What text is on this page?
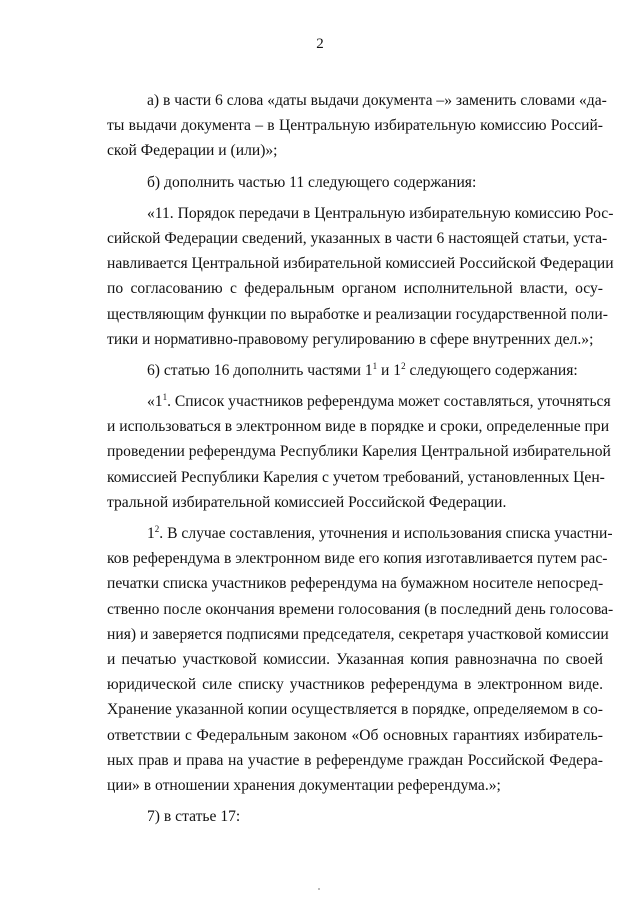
2
а) в части 6 слова «даты выдачи документа –» заменить словами «да-
ты выдачи документа – в Центральную избирательную комиссию Россий-
ской Федерации и (или)»;
б) дополнить частью 11 следующего содержания:
«11. Порядок передачи в Центральную избирательную комиссию Рос-
сийской Федерации сведений, указанных в части 6 настоящей статьи, уста-
навливается Центральной избирательной комиссией Российской Федерации
по согласованию с федеральным органом исполнительной власти, осу-
ществляющим функции по выработке и реализации государственной поли-
тики и нормативно-правовому регулированию в сфере внутренних дел.»;
6) статью 16 дополнить частями $1^1$ и $1^2$ следующего содержания:
«$1^1$. Список участников референдума может составляться, уточняться
и использоваться в электронном виде в порядке и сроки, определенные при
проведении референдума Республики Карелия Центральной избирательной
комиссией Республики Карелия с учетом требований, установленных Цен-
тральной избирательной комиссией Российской Федерации.
$1^2$. В случае составления, уточнения и использования списка участни-
ков референдума в электронном виде его копия изготавливается путем рас-
печатки списка участников референдума на бумажном носителе непосред-
ственно после окончания времени голосования (в последний день голосова-
ния) и заверяется подписями председателя, секретаря участковой комиссии
и печатью участковой комиссии. Указанная копия равнозначна по своей
юридической силе списку участников референдума в электронном виде.
Хранение указанной копии осуществляется в порядке, определяемом в со-
ответствии с Федеральным законом «Об основных гарантиях избиратель-
ных прав и права на участие в референдуме граждан Российской Федера-
ции» в отношении хранения документации референдума.»;
7) в статье 17:
